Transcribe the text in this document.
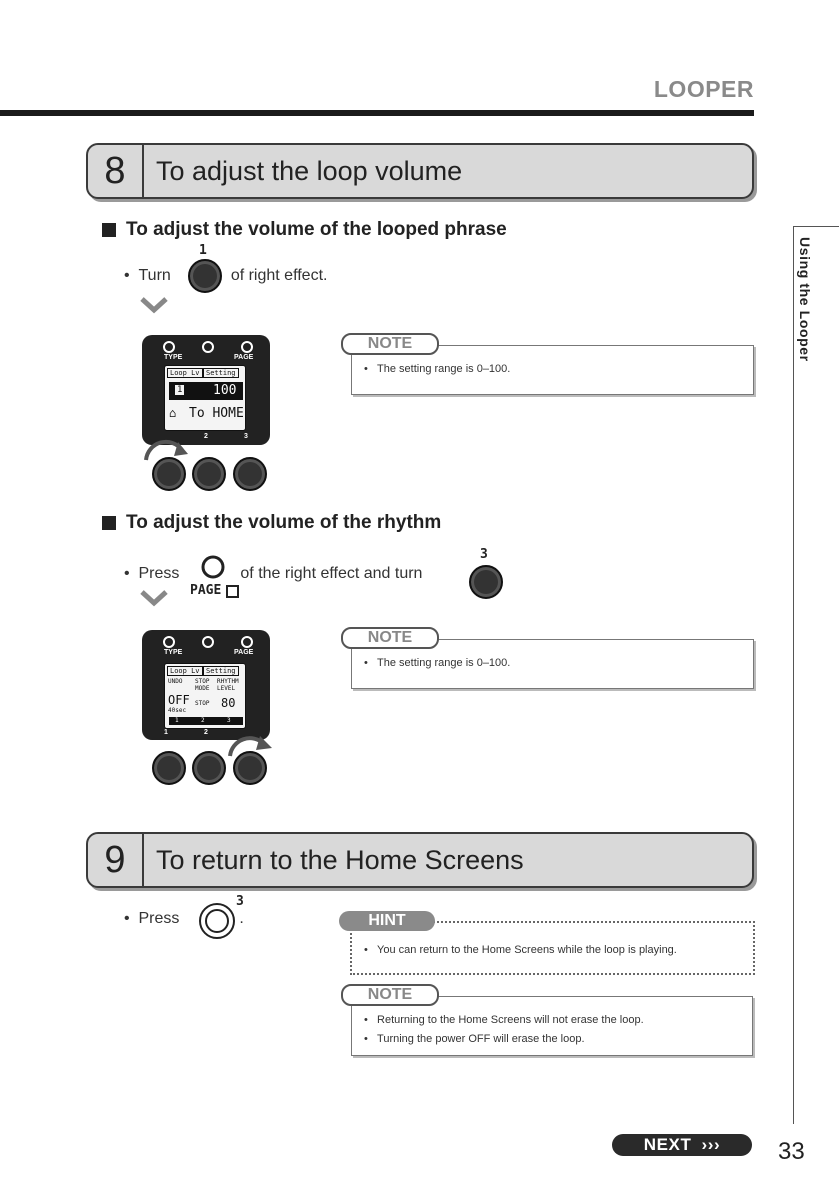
LOOPER
Using the Looper
8	To adjust the loop volume
To adjust the volume of the looped phrase
• Turn	of right effect.
1
TYPE	PAGE
Loop Lv Setting
1 100
⌂ To HOME
2	3
•   The setting range is 0–100.
NOTE
To adjust the volume of the rhythm
• Press	of the right effect and turn
PAGE
3
TYPE	PAGE
Loop Lv Setting
UNDO STOP MODE
RHYTHM LEVEL
OFF
40sec
STOP 80
1	2	3
1	2
•   The setting range is 0–100.
NOTE
9	To return to the Home Screens
• Press	.
3
•   You can return to the Home Screens while the loop is playing.
HINT
•   Returning to the Home Screens will not erase the loop.
•   Turning the power OFF will erase the loop.
NOTE
NEXT ››› 33
